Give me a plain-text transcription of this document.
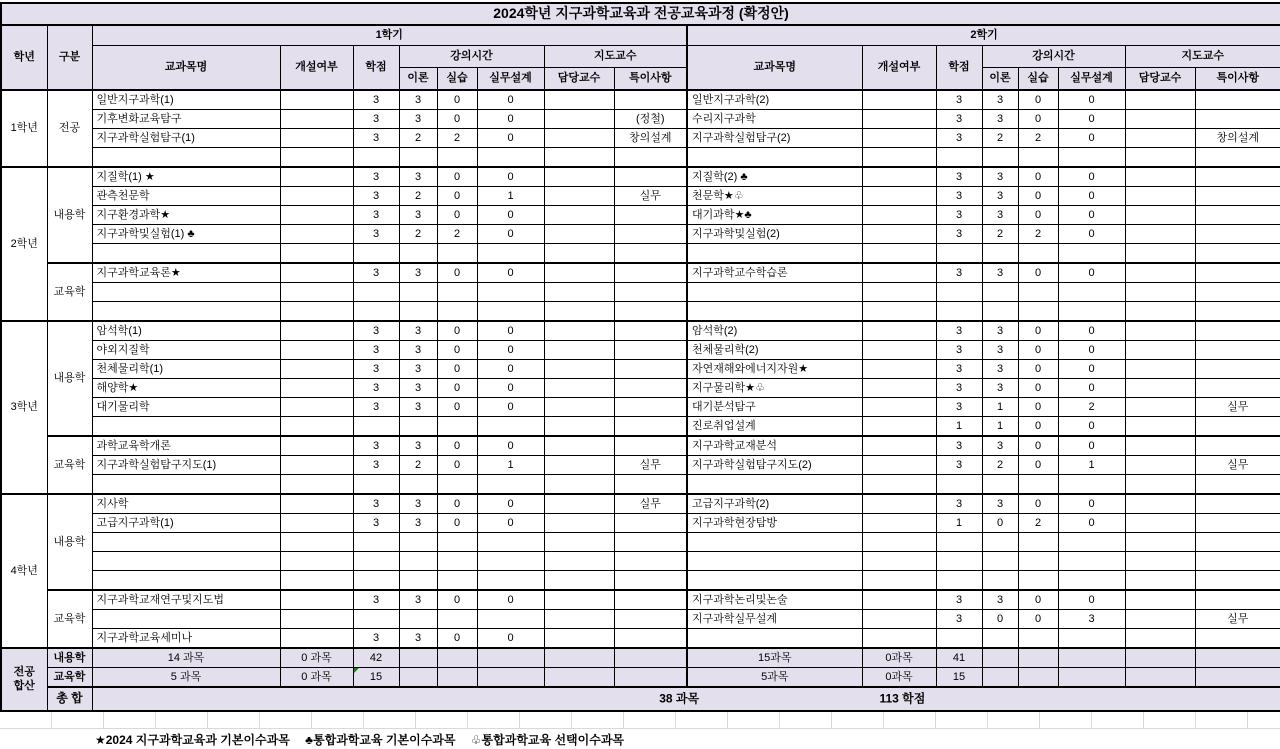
2024학년 지구과학교육과 전공교육과정 (확정안)																	
학년	구분	1학기								2학기							
		교과목명	개설여부	학점	강의시간			지도교수		교과목명	개설여부	학점	강의시간			지도교수	
					이론	실습	실무설계	담당교수	특이사항				이론	실습	실무설계	담당교수	특이사항
1학년	전공	일반지구과학(1)		3	3	0	0			일반지구과학(2)		3	3	0	0		
		기후변화교육탐구		3	3	0	0		(정철)	수리지구과학		3	3	0	0		
		지구과학실험탐구(1)		3	2	2	0		창의설계	지구과학실험탐구(2)		3	2	2	0		창의설계

2학년	내용학	지질학(1) ★		3	3	0	0			지질학(2) ♣		3	3	0	0		
		관측천문학		3	2	0	1		실무	천문학★♧		3	3	0	0		
		지구환경과학★		3	3	0	0			대기과학★♣		3	3	0	0		
		지구과학및실험(1) ♣		3	2	2	0			지구과학및실험(2)		3	2	2	0		

	교육학	지구과학교육론★		3	3	0	0			지구과학교수학습론		3	3	0	0		

3학년	내용학	암석학(1)		3	3	0	0			암석학(2)		3	3	0	0		
		야외지질학		3	3	0	0			천체물리학(2)		3	3	0	0		
		천체물리학(1)		3	3	0	0			자연재해와에너지자원★		3	3	0	0		
		해양학★		3	3	0	0			지구물리학★♧		3	3	0	0		
		대기물리학		3	3	0	0			대기분석탐구		3	1	0	2		실무
										진로취업설계		1	1	0	0		
	교육학	과학교육학개론		3	3	0	0			지구과학교재분석		3	3	0	0		
		지구과학실험탐구지도(1)		3	2	0	1		실무	지구과학실험탐구지도(2)		3	2	0	1		실무

4학년	내용학	지사학		3	3	0	0		실무	고급지구과학(2)		3	3	0	0		
		고급지구과학(1)		3	3	0	0			지구과학현장탐방		1	0	2	0		

	교육학	지구과학교재연구및지도법		3	3	0	0			지구과학논리및논술		3	3	0	0		
										지구과학실무설계		3	0	0	3		실무
		지구과학교육세미나		3	3	0	0										

전공
합산	내용학	14 과목	0 과목	42						15과목	0과목	41					
	교육학	5 과목	0 과목	15						5과목	0과목	15					
	총 합	38 과목 113 학점															
★2024 지구과학교육과 기본이수과목　 ♣통합과학교육 기본이수과목　 ♧통합과학교육 선택이수과목
